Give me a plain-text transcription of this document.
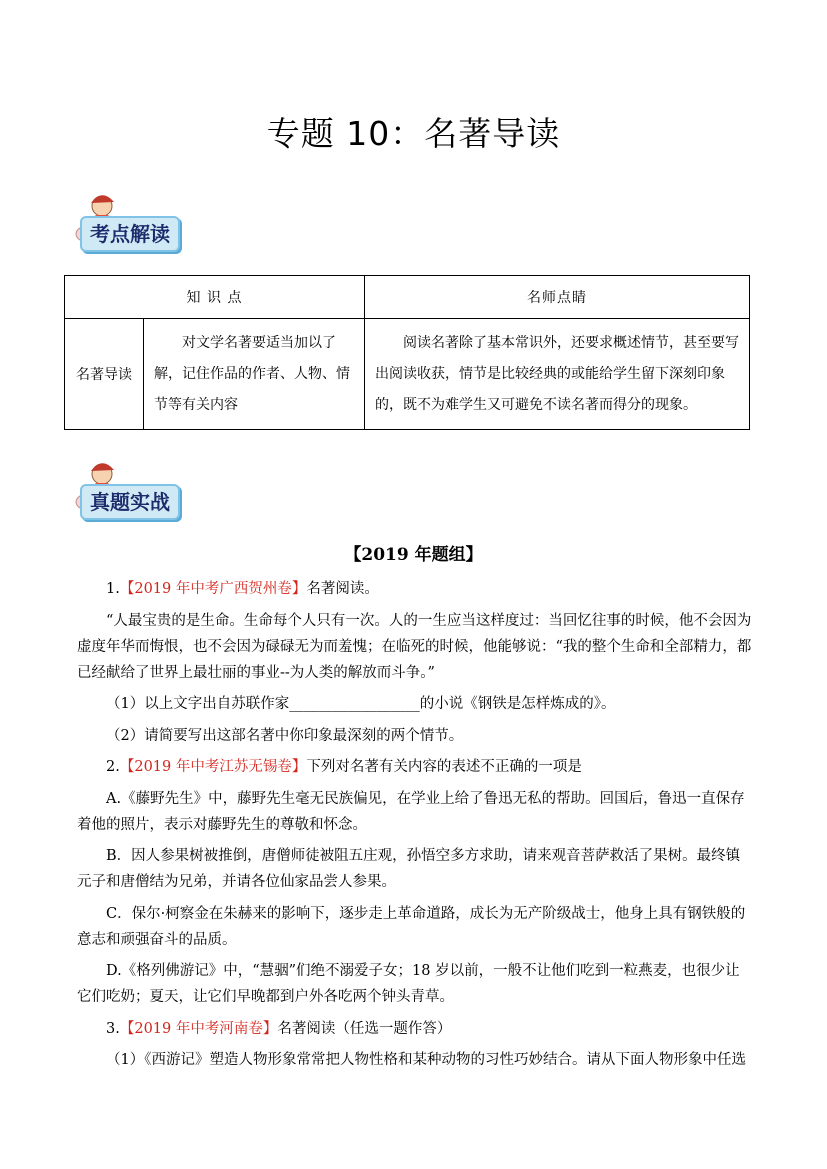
专题 10：名著导读
考点解读
知 识 点		名师点睛
名著导读	对文学名著要适当加以了解，记住作品的作者、人物、情节等有关内容	阅读名著除了基本常识外，还要求概述情节，甚至要写出阅读收获，情节是比较经典的或能给学生留下深刻印象的，既不为难学生又可避免不读名著而得分的现象。
真题实战
【2019 年题组】

1.【2019 年中考广西贺州卷】名著阅读。

“人最宝贵的是生命。生命每个人只有一次。人的一生应当这样度过：当回忆往事的时候，他不会因为虚度年华而悔恨，也不会因为碌碌无为而羞愧；在临死的时候，他能够说：“我的整个生命和全部精力，都已经献给了世界上最壮丽的事业--为人类的解放而斗争。”

（1）以上文字出自苏联作家__________________的小说《钢铁是怎样炼成的》。

（2）请简要写出这部名著中你印象最深刻的两个情节。

2.【2019 年中考江苏无锡卷】下列对名著有关内容的表述不正确的一项是

A.《藤野先生》中，藤野先生毫无民族偏见，在学业上给了鲁迅无私的帮助。回国后，鲁迅一直保存着他的照片，表示对藤野先生的尊敬和怀念。

B．因人参果树被推倒，唐僧师徒被阻五庄观，孙悟空多方求助，请来观音菩萨救活了果树。最终镇元子和唐僧结为兄弟，并请各位仙家品尝人参果。

C．保尔·柯察金在朱赫来的影响下，逐步走上革命道路，成长为无产阶级战士，他身上具有钢铁般的意志和顽强奋斗的品质。

D.《格列佛游记》中，“慧骃”们绝不溺爱子女；18 岁以前，一般不让他们吃到一粒燕麦，也很少让它们吃奶；夏天，让它们早晚都到户外各吃两个钟头青草。

3.【2019 年中考河南卷】名著阅读（任选一题作答）

（1）《西游记》塑造人物形象常常把人物性格和某种动物的习性巧妙结合。请从下面人物形象中任选
